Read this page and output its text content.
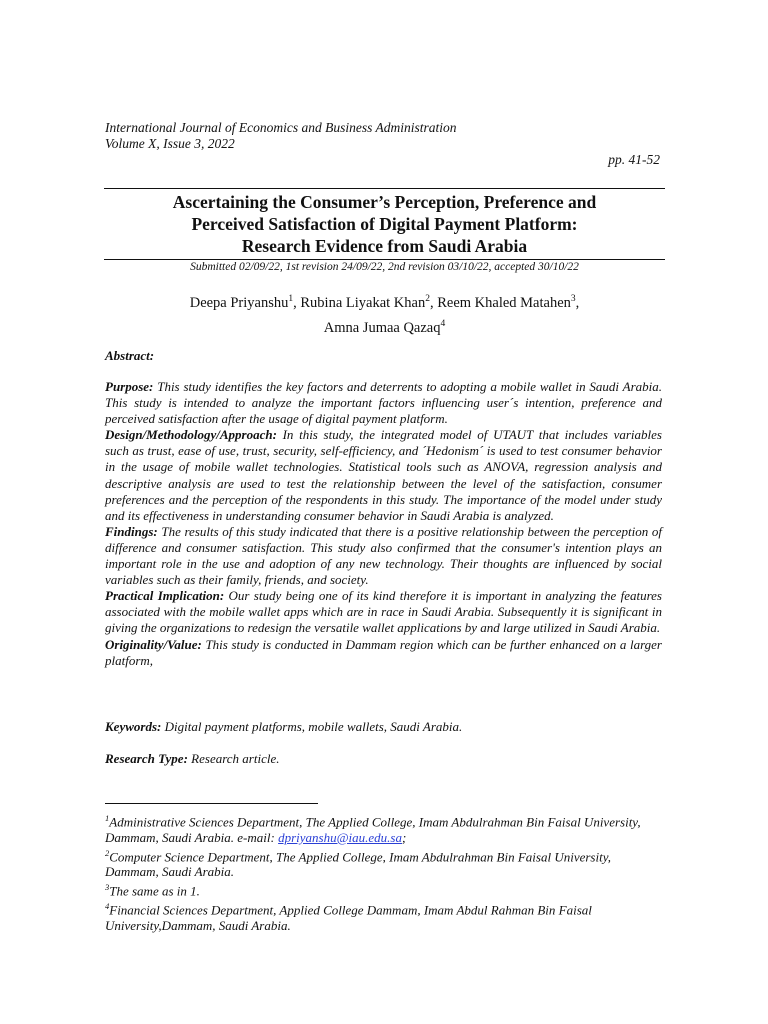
International Journal of Economics and Business Administration
Volume X, Issue 3, 2022
pp. 41-52
Ascertaining the Consumer’s Perception, Preference and
Perceived Satisfaction of Digital Payment Platform:
Research Evidence from Saudi Arabia
Submitted 02/09/22, 1st revision 24/09/22, 2nd revision 03/10/22, accepted 30/10/22
Deepa Priyanshu$^1$, Rubina Liyakat Khan$^2$, Reem Khaled Matahen$^3$,
Amna Jumaa Qazaq$^4$
Abstract:

Purpose: This study identifies the key factors and deterrents to adopting a mobile wallet in Saudi Arabia. This study is intended to analyze the important factors influencing user´s intention, preference and perceived satisfaction after the usage of digital payment platform.

Design/Methodology/Approach: In this study, the integrated model of UTAUT that includes variables such as trust, ease of use, trust, security, self-efficiency, and ´Hedonism´ is used to test consumer behavior in the usage of mobile wallet technologies. Statistical tools such as ANOVA, regression analysis and descriptive analysis are used to test the relationship between the level of the satisfaction, consumer preferences and the perception of the respondents in this study. The importance of the model under study and its effectiveness in understanding consumer behavior in Saudi Arabia is analyzed.

Findings: The results of this study indicated that there is a positive relationship between the perception of difference and consumer satisfaction. This study also confirmed that the consumer's intention plays an important role in the use and adoption of any new technology. Their thoughts are influenced by social variables such as their family, friends, and society.

Practical Implication: Our study being one of its kind therefore it is important in analyzing the features associated with the mobile wallet apps which are in race in Saudi Arabia. Subsequently it is significant in giving the organizations to redesign the versatile wallet applications by and large utilized in Saudi Arabia.

Originality/Value: This study is conducted in Dammam region which can be further enhanced on a larger platform,

Keywords: Digital payment platforms, mobile wallets, Saudi Arabia.
Research Type: Research article.

$^1$Administrative Sciences Department, The Applied College, Imam Abdulrahman Bin Faisal University, Dammam, Saudi Arabia. e-mail: dpriyanshu@iau.edu.sa;

$^2$Computer Science Department, The Applied College, Imam Abdulrahman Bin Faisal University, Dammam, Saudi Arabia.

$^3$The same as in 1.

$^4$Financial Sciences Department, Applied College Dammam, Imam Abdul Rahman Bin Faisal University,Dammam, Saudi Arabia.
